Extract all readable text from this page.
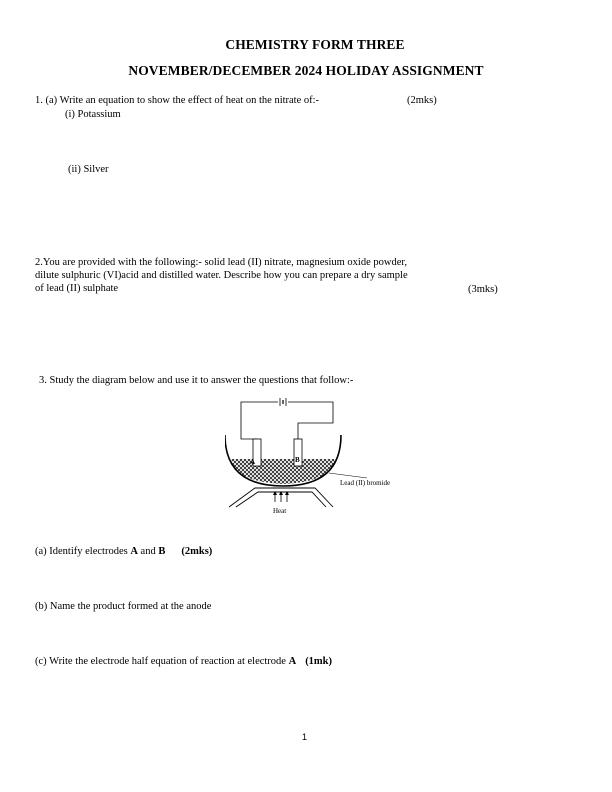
CHEMISTRY FORM THREE
NOVEMBER/DECEMBER 2024 HOLIDAY ASSIGNMENT
1. (a) Write an equation to show the effect of heat on the nitrate of:-	(2mks)
(i) Potassium
(ii) Silver
2.You are provided with the following:- solid lead (II) nitrate, magnesium oxide powder,
dilute sulphuric (VI)acid and distilled water. Describe how you can prepare a dry sample
of lead (II) sulphate	(3mks)
3. Study the diagram below and use it to answer the questions that follow:-
A	B
Lead (II) bromide
Heat
(a) Identify electrodes A and B (2mks)
(b) Name the product formed at the anode
(c) Write the electrode half equation of reaction at electrode A (1mk)
1
